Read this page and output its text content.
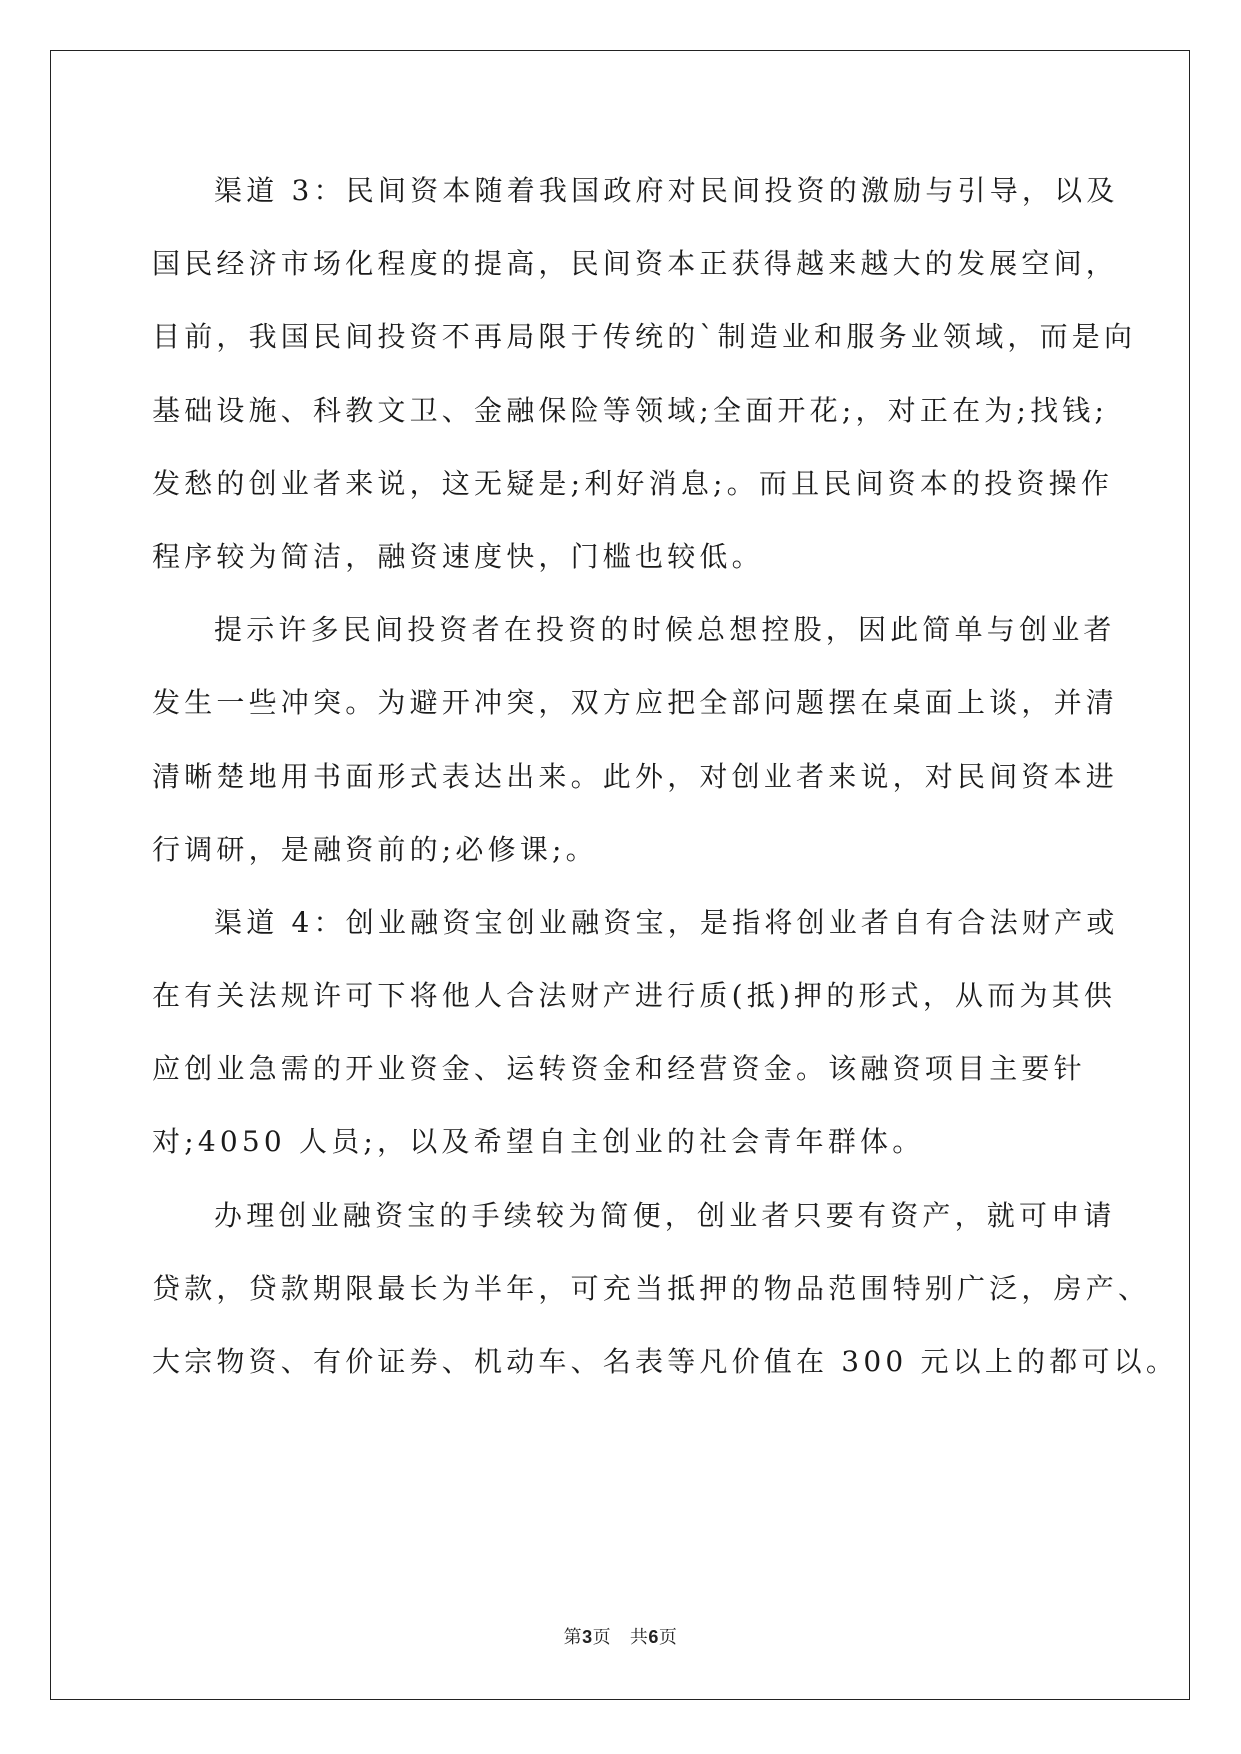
渠道 3：民间资本随着我国政府对民间投资的激励与引导，以及
国民经济市场化程度的提高，民间资本正获得越来越大的发展空间，
目前，我国民间投资不再局限于传统的`制造业和服务业领域，而是向
基础设施、科教文卫、金融保险等领域;全面开花;，对正在为;找钱;
发愁的创业者来说，这无疑是;利好消息;。而且民间资本的投资操作
程序较为简洁，融资速度快，门槛也较低。
提示许多民间投资者在投资的时候总想控股，因此简单与创业者
发生一些冲突。为避开冲突，双方应把全部问题摆在桌面上谈，并清
清晰楚地用书面形式表达出来。此外，对创业者来说，对民间资本进
行调研，是融资前的;必修课;。
渠道 4：创业融资宝创业融资宝，是指将创业者自有合法财产或
在有关法规许可下将他人合法财产进行质(抵)押的形式，从而为其供
应创业急需的开业资金、运转资金和经营资金。该融资项目主要针
对;4050 人员;，以及希望自主创业的社会青年群体。
办理创业融资宝的手续较为简便，创业者只要有资产，就可申请
贷款，贷款期限最长为半年，可充当抵押的物品范围特别广泛，房产、
大宗物资、有价证券、机动车、名表等凡价值在 300 元以上的都可以。
第3页 共6页
